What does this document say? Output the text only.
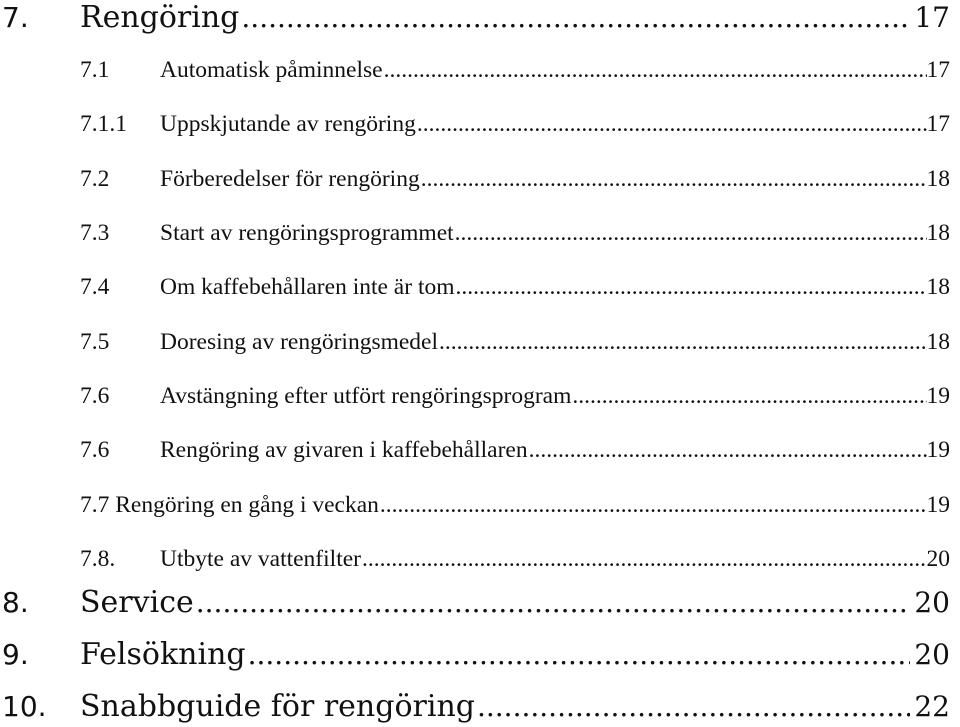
7. Rengöring .....	17
7.1 Automatisk påminnelse .....	17
7.1.1 Uppskjutande av rengöring .....	17
7.2 Förberedelser för rengöring .....	18
7.3 Start av rengöringsprogrammet .....	18
7.4 Om kaffebehållaren inte är tom .....	18
7.5 Doresing av rengöringsmedel .....	18
7.6 Avstängning efter utfört rengöringsprogram .....	19
7.6 Rengöring av givaren i kaffebehållaren .....	19
7.7 Rengöring en gång i veckan .....	19
7.8. Utbyte av vattenfilter .....	20
8. Service .....	20
9. Felsökning .....	20
10. Snabbguide för rengöring .....	22
